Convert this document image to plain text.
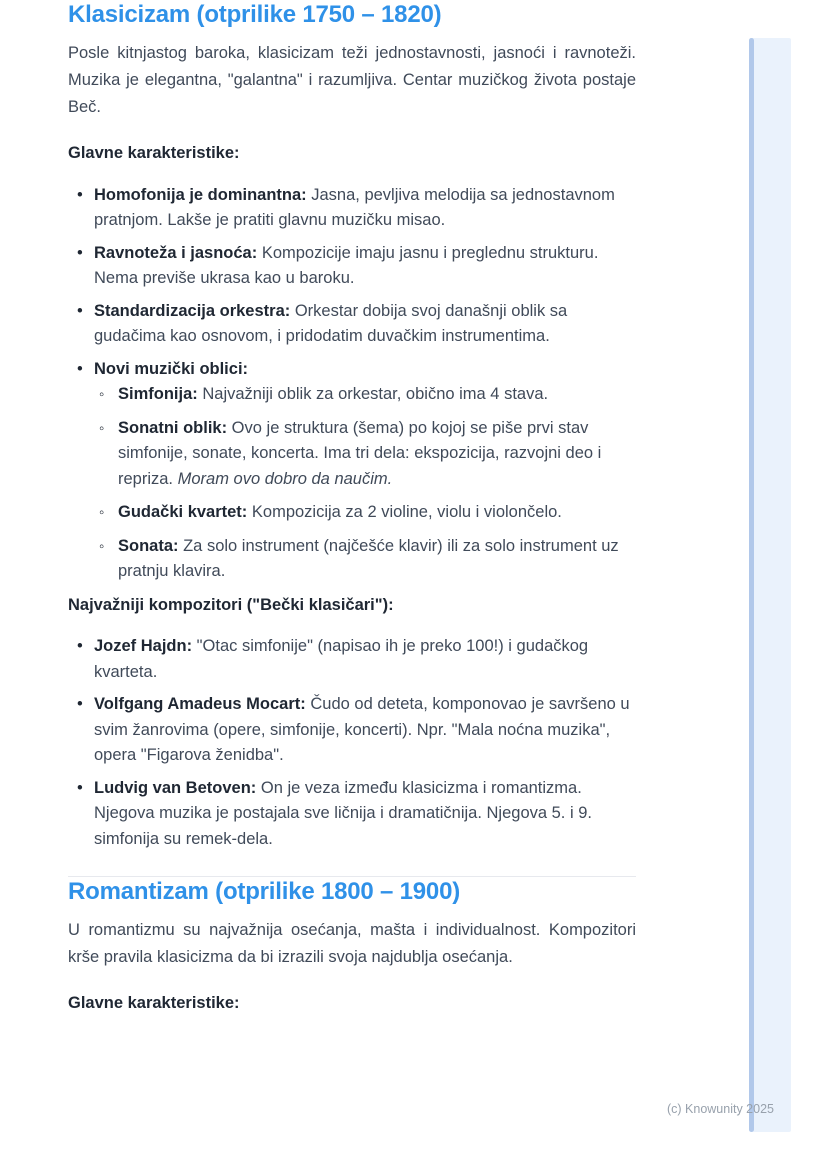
Klasicizam (otprilike 1750 – 1820)

Posle kitnjastog baroka, klasicizam teži jednostavnosti, jasnoći i ravnoteži. Muzika je elegantna, "galantna" i razumljiva. Centar muzičkog života postaje Beč.

Glavne karakteristike:
• Homofonija je dominantna: Jasna, pevljiva melodija sa jednostavnom pratnjom. Lakše je pratiti glavnu muzičku misao.
• Ravnoteža i jasnoća: Kompozicije imaju jasnu i preglednu strukturu. Nema previše ukrasa kao u baroku.
• Standardizacija orkestra: Orkestar dobija svoj današnji oblik sa gudačima kao osnovom, i pridodatim duvačkim instrumentima.
• Novi muzički oblici:
◦ Simfonija: Najvažniji oblik za orkestar, obično ima 4 stava.
◦ Sonatni oblik: Ovo je struktura (šema) po kojoj se piše prvi stav simfonije, sonate, koncerta. Ima tri dela: ekspozicija, razvojni deo i repriza. Moram ovo dobro da naučim.
◦ Gudački kvartet: Kompozicija za 2 violine, violu i violončelo.
◦ Sonata: Za solo instrument (najčešće klavir) ili za solo instrument uz pratnju klavira.
Najvažniji kompozitori ("Bečki klasičari"):
• Jozef Hajdn: "Otac simfonije" (napisao ih je preko 100!) i gudačkog kvarteta.
• Volfgang Amadeus Mocart: Čudo od deteta, komponovao je savršeno u svim žanrovima (opere, simfonije, koncerti). Npr. "Mala noćna muzika", opera "Figarova ženidba".
• Ludvig van Betoven: On je veza između klasicizma i romantizma. Njegova muzika je postajala sve ličnija i dramatičnija. Njegova 5. i 9. simfonija su remek-dela.
Romantizam (otprilike 1800 – 1900)

U romantizmu su najvažnija osećanja, mašta i individualnost. Kompozitori krše pravila klasicizma da bi izrazili svoja najdublja osećanja.

Glavne karakteristike:
(c) Knowunity 2025
